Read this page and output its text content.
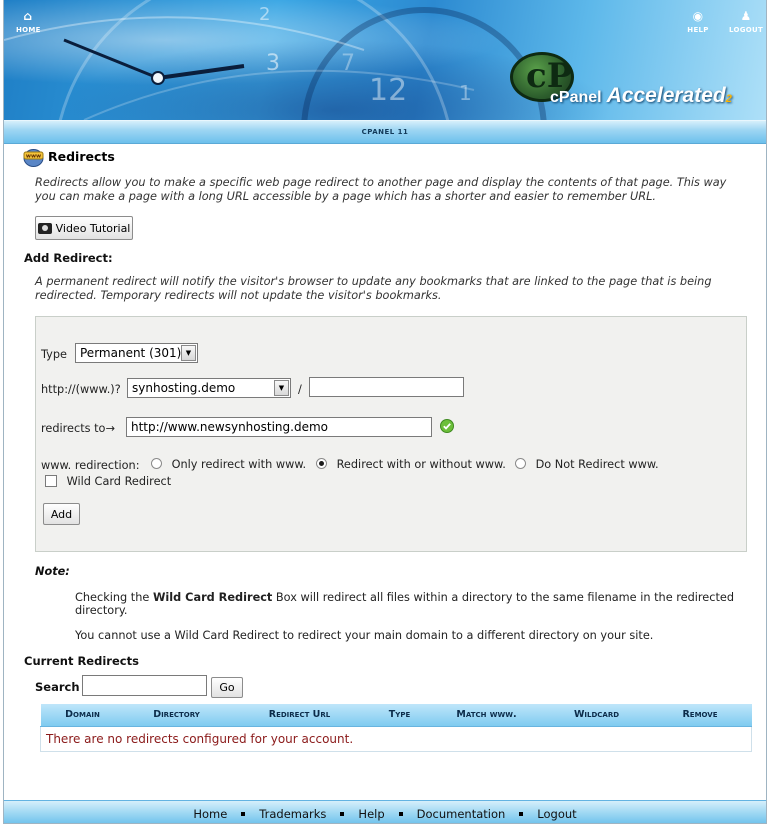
3
2
12	1
7
⌂
HOME
◉
HELP
♟
LOGOUT
cP
cPanel Accelerated2
CPANEL 11
www Redirects
Redirects allow you to make a specific web page redirect to another page and display the contents of that page. This way you can make a page with a long URL accessible by a page which has a shorter and easier to remember URL.
Video Tutorial
Add Redirect:
A permanent redirect will notify the visitor's browser to update any bookmarks that are linked to the page that is being redirected. Temporary redirects will not update the visitor's bookmarks.
Type	Permanent (301) ▼
http://(www.)? synhosting.demo	▼	/
redirects to→
http://www.newsynhosting.demo
www. redirection:	Only redirect with www.	Redirect with or without www.	Do Not Redirect www.
Wild Card Redirect
Add
Note:
Checking the Wild Card Redirect Box will redirect all files within a directory to the same filename in the redirected directory.
You cannot use a Wild Card Redirect to redirect your main domain to a different directory on your site.
Current Redirects
Search	Go
Domain	Directory	Redirect Url	Type	Match www.	Wildcard	Remove
There are no redirects configured for your account.
Home	Trademarks	Help	Documentation	Logout
